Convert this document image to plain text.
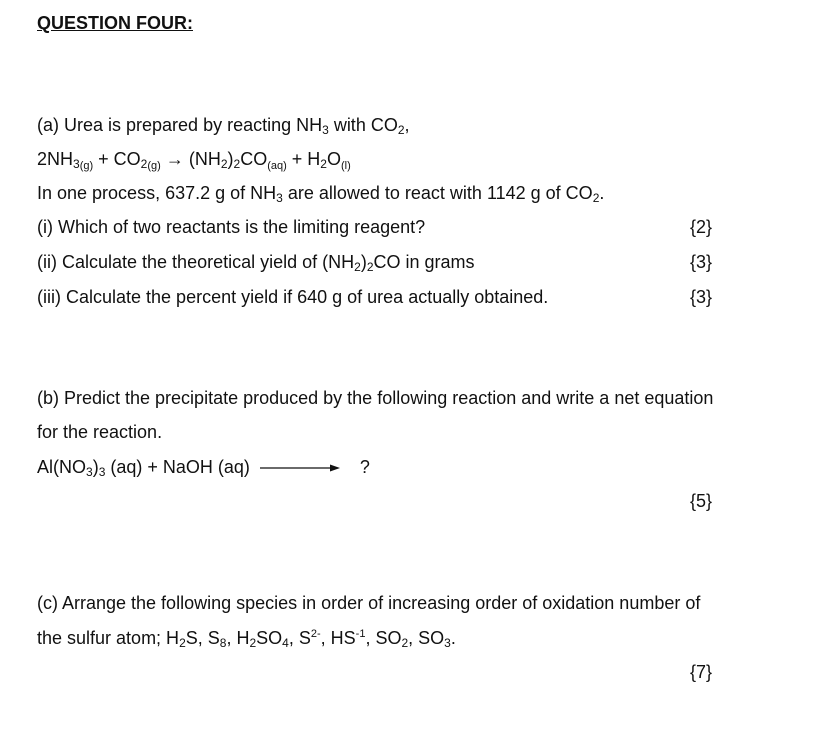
QUESTION FOUR:
(a) Urea is prepared by reacting $NH_3$ with $CO_2$,
$2NH_{3(g)} + CO_{2(g)} \to (NH_2)_2CO_{(aq)} + H_2O_{(l)}$
In one process, 637.2 g of $NH_3$ are allowed to react with 1142 g of $CO_2$.
(i) Which of two reactants is the limiting reagent?	{2}
(ii) Calculate the theoretical yield of $(NH_2)_2CO$ in grams	{3}
(iii) Calculate the percent yield if 640 g of urea actually obtained.	{3}
(b) Predict the precipitate produced by the following reaction and write a net equation
for the reaction.
$Al(NO_3)_3$ (aq) + NaOH (aq)	?
{5}
(c) Arrange the following species in order of increasing order of oxidation number of
the sulfur atom; $H_2S$, $S_8$, $H_2SO_4$, $S^{2-}$, $HS^{-1}$, $SO_2$, $SO_3$.
{7}
